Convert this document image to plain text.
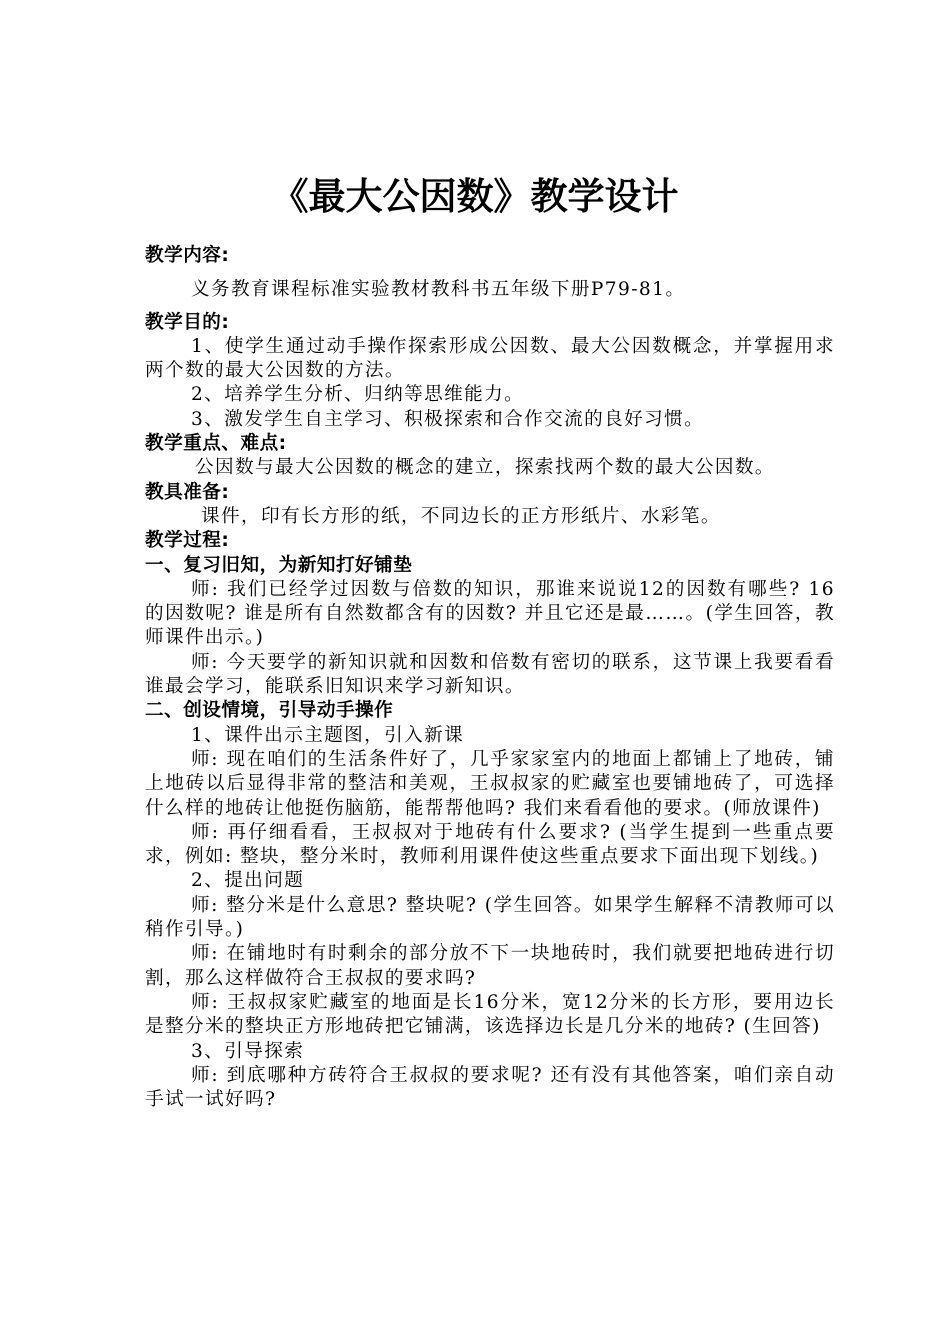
《最大公因数》教学设计

教学内容:

义务教育课程标准实验教材教科书五年级下册P79-81。

教学目的:

1、使学生通过动手操作探索形成公因数、最大公因数概念，并掌握用求两个数的最大公因数的方法。

2、培养学生分析、归纳等思维能力。

3、激发学生自主学习、积极探索和合作交流的良好习惯。

教学重点、难点:

公因数与最大公因数的概念的建立，探索找两个数的最大公因数。

教具准备:

课件，印有长方形的纸，不同边长的正方形纸片、水彩笔。

教学过程:

一、复习旧知，为新知打好铺垫

师: 我们已经学过因数与倍数的知识，那谁来说说12的因数有哪些? 16的因数呢? 谁是所有自然数都含有的因数? 并且它还是最……。(学生回答，教师课件出示。)

师: 今天要学的新知识就和因数和倍数有密切的联系，这节课上我要看看谁最会学习，能联系旧知识来学习新知识。

二、创设情境，引导动手操作

1、课件出示主题图，引入新课

师: 现在咱们的生活条件好了，几乎家家室内的地面上都铺上了地砖，铺上地砖以后显得非常的整洁和美观，王叔叔家的贮藏室也要铺地砖了，可选择什么样的地砖让他挺伤脑筋，能帮帮他吗? 我们来看看他的要求。(师放课件)

师: 再仔细看看，王叔叔对于地砖有什么要求? (当学生提到一些重点要求，例如: 整块，整分米时，教师利用课件使这些重点要求下面出现下划线。)

2、提出问题

师: 整分米是什么意思? 整块呢? (学生回答。如果学生解释不清教师可以稍作引导。)

师: 在铺地时有时剩余的部分放不下一块地砖时，我们就要把地砖进行切割，那么这样做符合王叔叔的要求吗?

师: 王叔叔家贮藏室的地面是长16分米，宽12分米的长方形，要用边长是整分米的整块正方形地砖把它铺满，该选择边长是几分米的地砖? (生回答)

3、引导探索

师: 到底哪种方砖符合王叔叔的要求呢? 还有没有其他答案，咱们亲自动手试一试好吗?
